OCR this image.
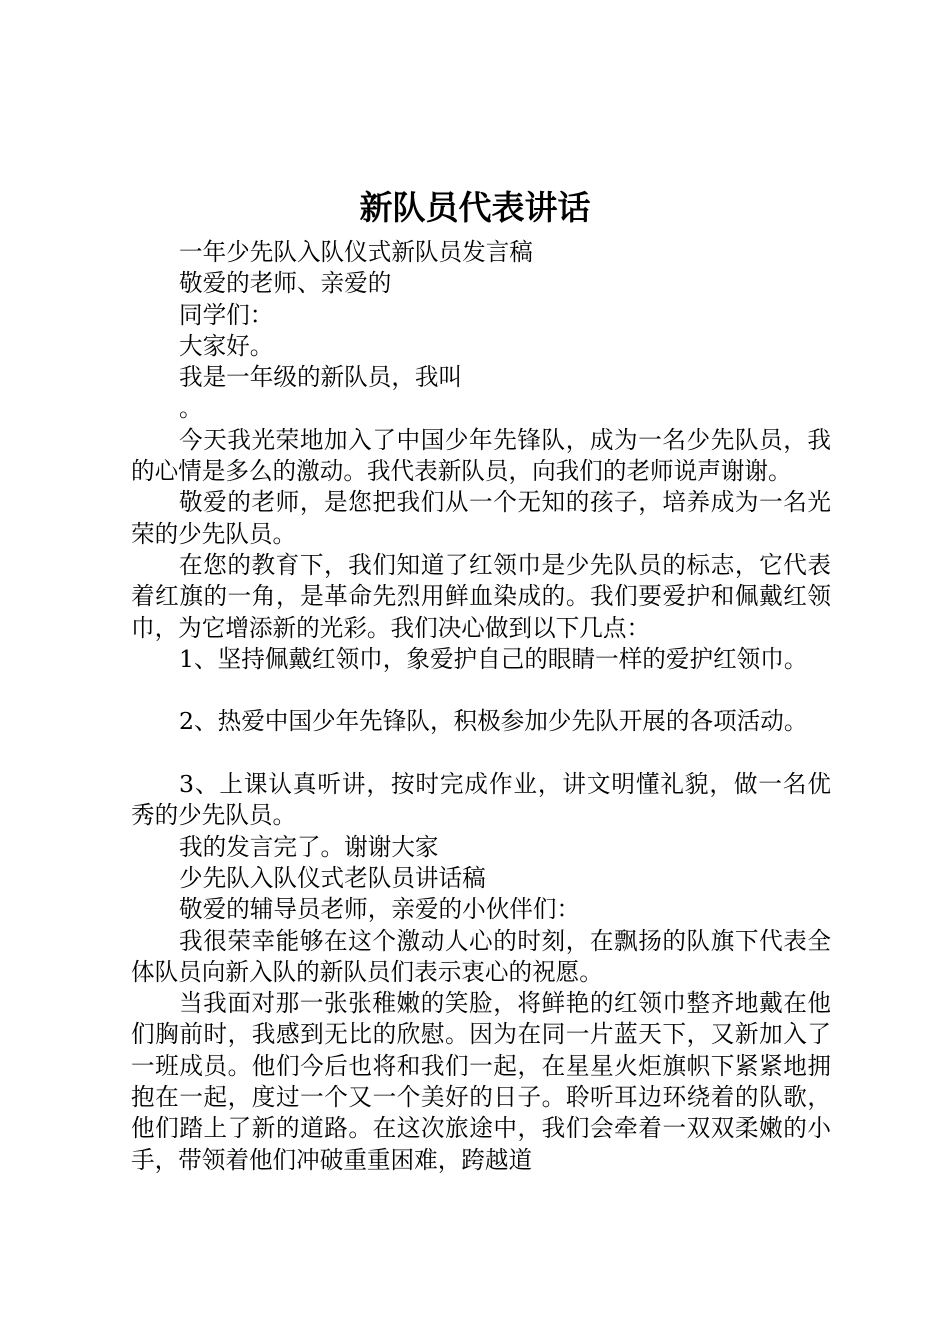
新队员代表讲话

一年少先队入队仪式新队员发言稿

敬爱的老师、亲爱的

同学们：

大家好。

我是一年级的新队员，我叫

。

今天我光荣地加入了中国少年先锋队，成为一名少先队员，我的心情是多么的激动。我代表新队员，向我们的老师说声谢谢。

敬爱的老师，是您把我们从一个无知的孩子，培养成为一名光荣的少先队员。

在您的教育下，我们知道了红领巾是少先队员的标志，它代表着红旗的一角，是革命先烈用鲜血染成的。我们要爱护和佩戴红领巾，为它增添新的光彩。我们决心做到以下几点：

1、坚持佩戴红领巾，象爱护自己的眼睛一样的爱护红领巾。

2、热爱中国少年先锋队，积极参加少先队开展的各项活动。

3、上课认真听讲，按时完成作业，讲文明懂礼貌，做一名优秀的少先队员。

我的发言完了。谢谢大家

少先队入队仪式老队员讲话稿

敬爱的辅导员老师，亲爱的小伙伴们：

我很荣幸能够在这个激动人心的时刻，在飘扬的队旗下代表全体队员向新入队的新队员们表示衷心的祝愿。

当我面对那一张张稚嫩的笑脸，将鲜艳的红领巾整齐地戴在他们胸前时，我感到无比的欣慰。因为在同一片蓝天下，又新加入了一班成员。他们今后也将和我们一起，在星星火炬旗帜下紧紧地拥抱在一起，度过一个又一个美好的日子。聆听耳边环绕着的队歌，他们踏上了新的道路。在这次旅途中，我们会牵着一双双柔嫩的小手，带领着他们冲破重重困难，跨越道
